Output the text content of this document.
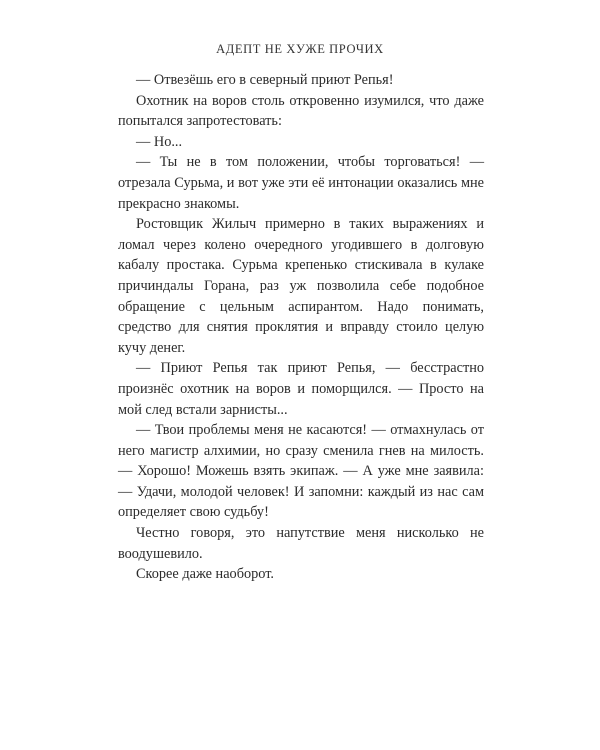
АДЕПТ НЕ ХУЖЕ ПРОЧИХ

— Отвезёшь его в северный приют Репья!

Охотник на воров столь откровенно изумился, что даже попытался запротестовать:

— Но...

— Ты не в том положении, чтобы торговаться! — отрезала Сурьма, и вот уже эти её интонации оказались мне прекрасно знакомы.

Ростовщик Жилыч примерно в таких выражениях и ломал через колено очередного угодившего в долговую кабалу простака. Сурьма крепенько стискивала в кулаке причиндалы Горана, раз уж позволила себе подобное обращение с цельным аспирантом. Надо понимать, средство для снятия проклятия и вправду стоило целую кучу денег.

— Приют Репья так приют Репья, — бесстрастно произнёс охотник на воров и поморщился. — Просто на мой след встали зарнисты...

— Твои проблемы меня не касаются! — отмахнулась от него магистр алхимии, но сразу сменила гнев на милость. — Хорошо! Можешь взять экипаж. — А уже мне заявила: — Удачи, молодой человек! И запомни: каждый из нас сам определяет свою судьбу!

Честно говоря, это напутствие меня нисколько не воодушевило.

Скорее даже наоборот.
